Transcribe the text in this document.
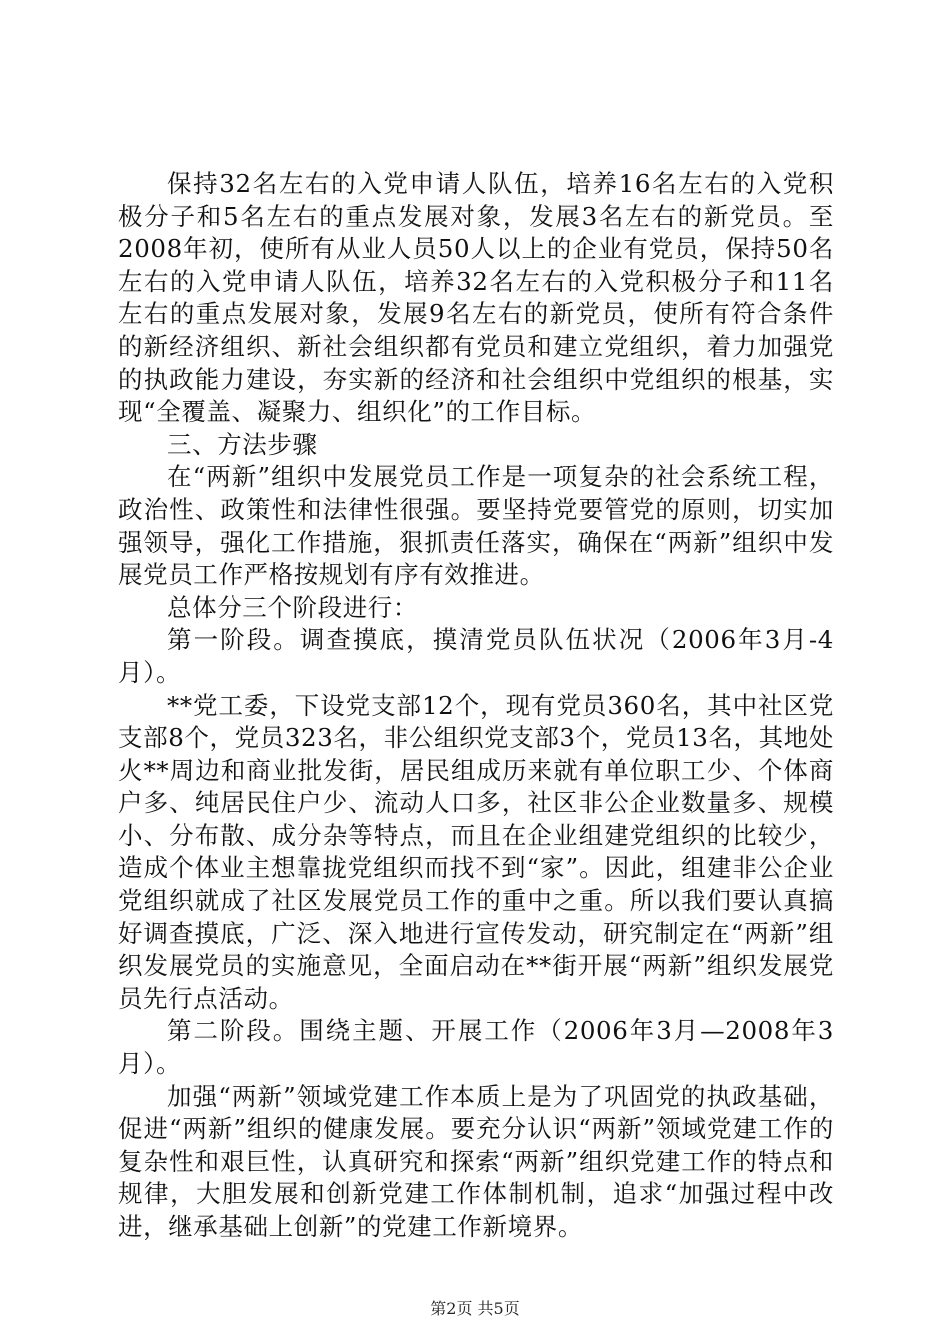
保持32名左右的入党申请人队伍，培养16名左右的入党积极分子和5名左右的重点发展对象，发展3名左右的新党员。至2008年初，使所有从业人员50人以上的企业有党员，保持50名左右的入党申请人队伍，培养32名左右的入党积极分子和11名左右的重点发展对象，发展9名左右的新党员，使所有符合条件的新经济组织、新社会组织都有党员和建立党组织，着力加强党的执政能力建设，夯实新的经济和社会组织中党组织的根基，实现“全覆盖、凝聚力、组织化”的工作目标。

三、方法步骤

在“两新”组织中发展党员工作是一项复杂的社会系统工程，政治性、政策性和法律性很强。要坚持党要管党的原则，切实加强领导，强化工作措施，狠抓责任落实，确保在“两新”组织中发展党员工作严格按规划有序有效推进。

总体分三个阶段进行：

第一阶段。调查摸底，摸清党员队伍状况（2006年3月-4月）。

**党工委，下设党支部12个，现有党员360名，其中社区党支部8个，党员323名，非公组织党支部3个，党员13名，其地处火**周边和商业批发街，居民组成历来就有单位职工少、个体商户多、纯居民住户少、流动人口多，社区非公企业数量多、规模小、分布散、成分杂等特点，而且在企业组建党组织的比较少，造成个体业主想靠拢党组织而找不到“家”。因此，组建非公企业党组织就成了社区发展党员工作的重中之重。所以我们要认真搞好调查摸底，广泛、深入地进行宣传发动，研究制定在“两新”组织发展党员的实施意见，全面启动在**街开展“两新”组织发展党员先行点活动。

第二阶段。围绕主题、开展工作（2006年3月—2008年3月）。

加强“两新”领域党建工作本质上是为了巩固党的执政基础，促进“两新”组织的健康发展。要充分认识“两新”领域党建工作的复杂性和艰巨性，认真研究和探索“两新”组织党建工作的特点和规律，大胆发展和创新党建工作体制机制，追求“加强过程中改进，继承基础上创新”的党建工作新境界。

第2页 共5页
